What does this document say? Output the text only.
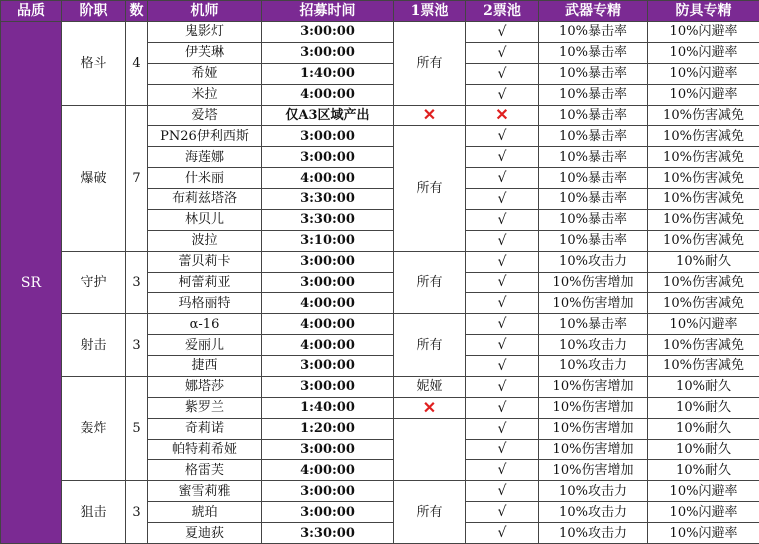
品质	阶职	数	机师	招募时间	1票池	2票池	武器专精	防具专精
SR	格斗	4	鬼影灯	3:00:00	所有	√	10%暴击率	10%闪避率
			伊芙琳	3:00:00		√	10%暴击率	10%闪避率
			希娅	1:40:00		√	10%暴击率	10%闪避率
			米拉	4:00:00		√	10%暴击率	10%闪避率
	爆破	7	爱塔	仅A3区域产出	✕	✕	10%暴击率	10%伤害减免
			PN26伊利西斯	3:00:00	所有	√	10%暴击率	10%伤害减免
			海莲娜	3:00:00		√	10%暴击率	10%伤害减免
			什米丽	4:00:00		√	10%暴击率	10%伤害减免
			布莉兹塔洛	3:30:00		√	10%暴击率	10%伤害减免
			林贝儿	3:30:00		√	10%暴击率	10%伤害减免
			波拉	3:10:00		√	10%暴击率	10%伤害减免
	守护	3	蕾贝莉卡	3:00:00	所有	√	10%攻击力	10%耐久
			柯蕾莉亚	3:00:00		√	10%伤害增加	10%伤害减免
			玛格丽特	4:00:00		√	10%伤害增加	10%伤害减免
	射击	3	α-16	4:00:00	所有	√	10%暴击率	10%闪避率
			爱丽儿	4:00:00		√	10%攻击力	10%伤害减免
			捷西	3:00:00		√	10%攻击力	10%伤害减免
	轰炸	5	娜塔莎	3:00:00	妮娅	√	10%伤害增加	10%耐久
			紫罗兰	1:40:00	✕	√	10%伤害增加	10%耐久
			奇莉诺	1:20:00		√	10%伤害增加	10%耐久
			帕特莉希娅	3:00:00		√	10%伤害增加	10%耐久
			格雷芙	4:00:00		√	10%伤害增加	10%耐久
	狙击	3	蜜雪莉雅	3:00:00	所有	√	10%攻击力	10%闪避率
			琥珀	3:00:00		√	10%攻击力	10%闪避率
			夏迪荻	3:30:00		√	10%攻击力	10%闪避率
